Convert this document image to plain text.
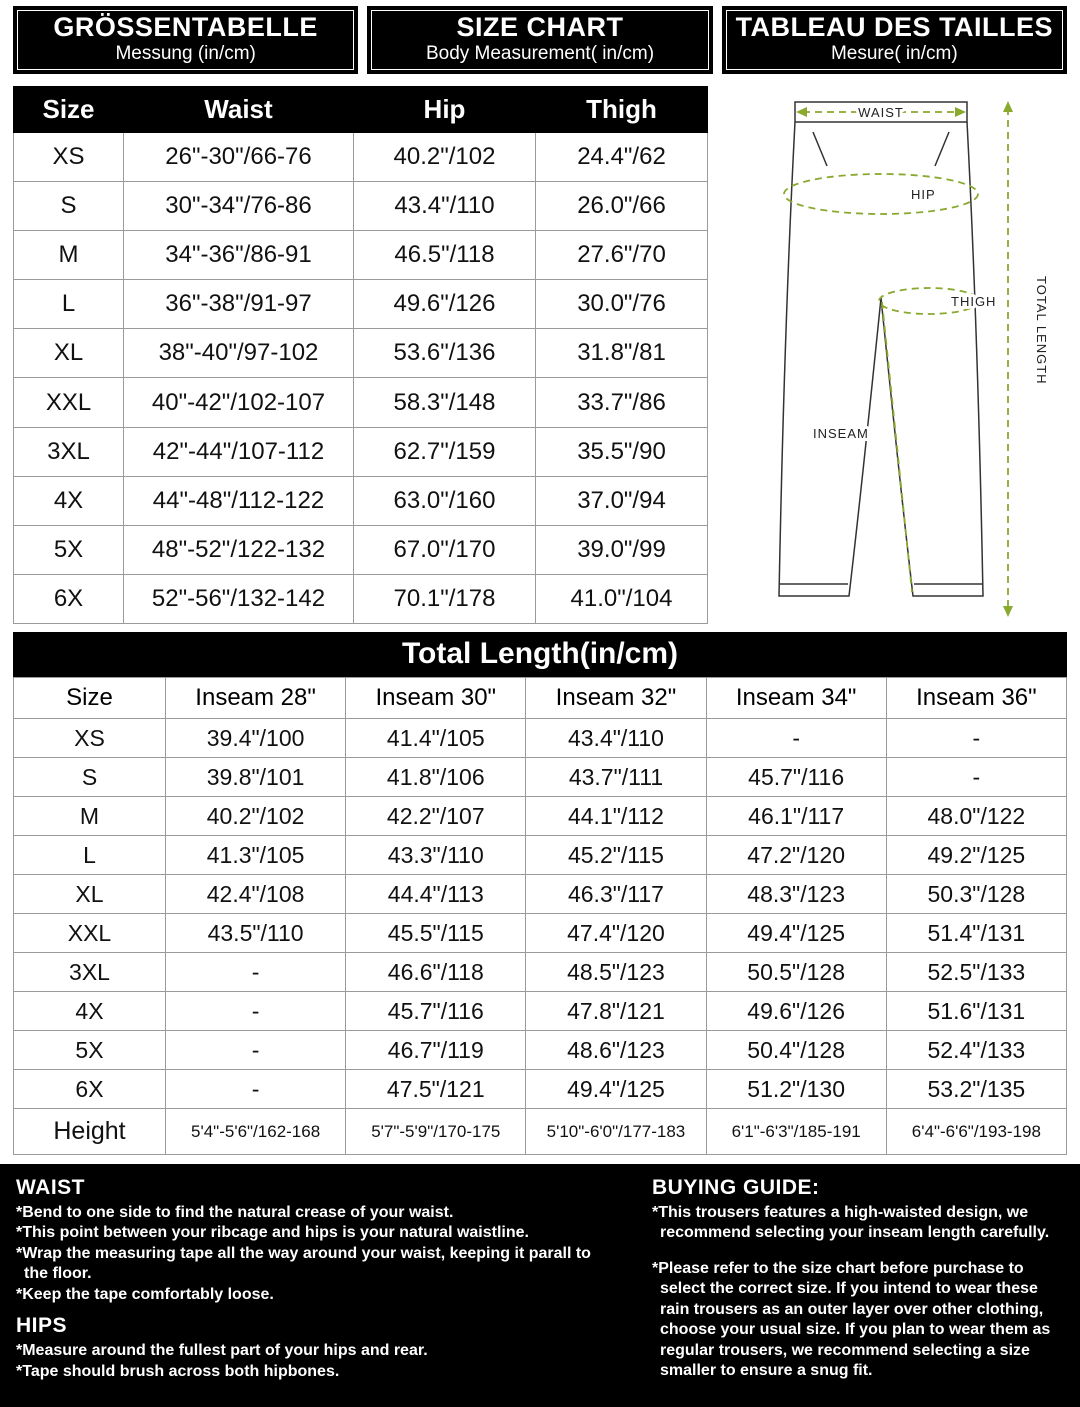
GRÖSSENTABELLE
Messung (in/cm)
SIZE CHART
Body Measurement( in/cm)
TABLEAU DES TAILLES
Mesure( in/cm)
Size	Waist	Hip	Thigh
XS	26"-30"/66-76	40.2"/102	24.4"/62
S	30"-34"/76-86	43.4"/110	26.0"/66
M	34"-36"/86-91	46.5"/118	27.6"/70
L	36"-38"/91-97	49.6"/126	30.0"/76
XL	38"-40"/97-102	53.6"/136	31.8"/81
XXL	40"-42"/102-107	58.3"/148	33.7"/86
3XL	42"-44"/107-112	62.7"/159	35.5"/90
4X	44"-48"/112-122	63.0"/160	37.0"/94
5X	48"-52"/122-132	67.0"/170	39.0"/99
6X	52"-56"/132-142	70.1"/178	41.0"/104
WAIST
HIP
THIGH
INSEAM
TOTAL LENGTH
Total Length(in/cm)
Size	Inseam 28"	Inseam 30"	Inseam 32"	Inseam 34"	Inseam 36"
XS	39.4"/100	41.4"/105	43.4"/110	-	-
S	39.8"/101	41.8"/106	43.7"/111	45.7"/116	-
M	40.2"/102	42.2"/107	44.1"/112	46.1"/117	48.0"/122
L	41.3"/105	43.3"/110	45.2"/115	47.2"/120	49.2"/125
XL	42.4"/108	44.4"/113	46.3"/117	48.3"/123	50.3"/128
XXL	43.5"/110	45.5"/115	47.4"/120	49.4"/125	51.4"/131
3XL	-	46.6"/118	48.5"/123	50.5"/128	52.5"/133
4X	-	45.7"/116	47.8"/121	49.6"/126	51.6"/131
5X	-	46.7"/119	48.6"/123	50.4"/128	52.4"/133
6X	-	47.5"/121	49.4"/125	51.2"/130	53.2"/135
Height	5'4"-5'6"/162-168	5'7"-5'9"/170-175	5'10"-6'0"/177-183	6'1"-6'3"/185-191	6'4"-6'6"/193-198
WAIST
*Bend to one side to find the natural crease of your waist.
*This point between your ribcage and hips is your natural waistline.
*Wrap the measuring tape all the way around your waist, keeping it parall to the floor.
*Keep the tape comfortably loose.
HIPS
*Measure around the fullest part of your hips and rear.
*Tape should brush across both hipbones.
BUYING GUIDE:
*This trousers features a high-waisted design, we recommend selecting your inseam length carefully.
*Please refer to the size chart before purchase to select the correct size. If you intend to wear these rain trousers as an outer layer over other clothing, choose your usual size. If you plan to wear them as regular trousers, we recommend selecting a size smaller to ensure a snug fit.
